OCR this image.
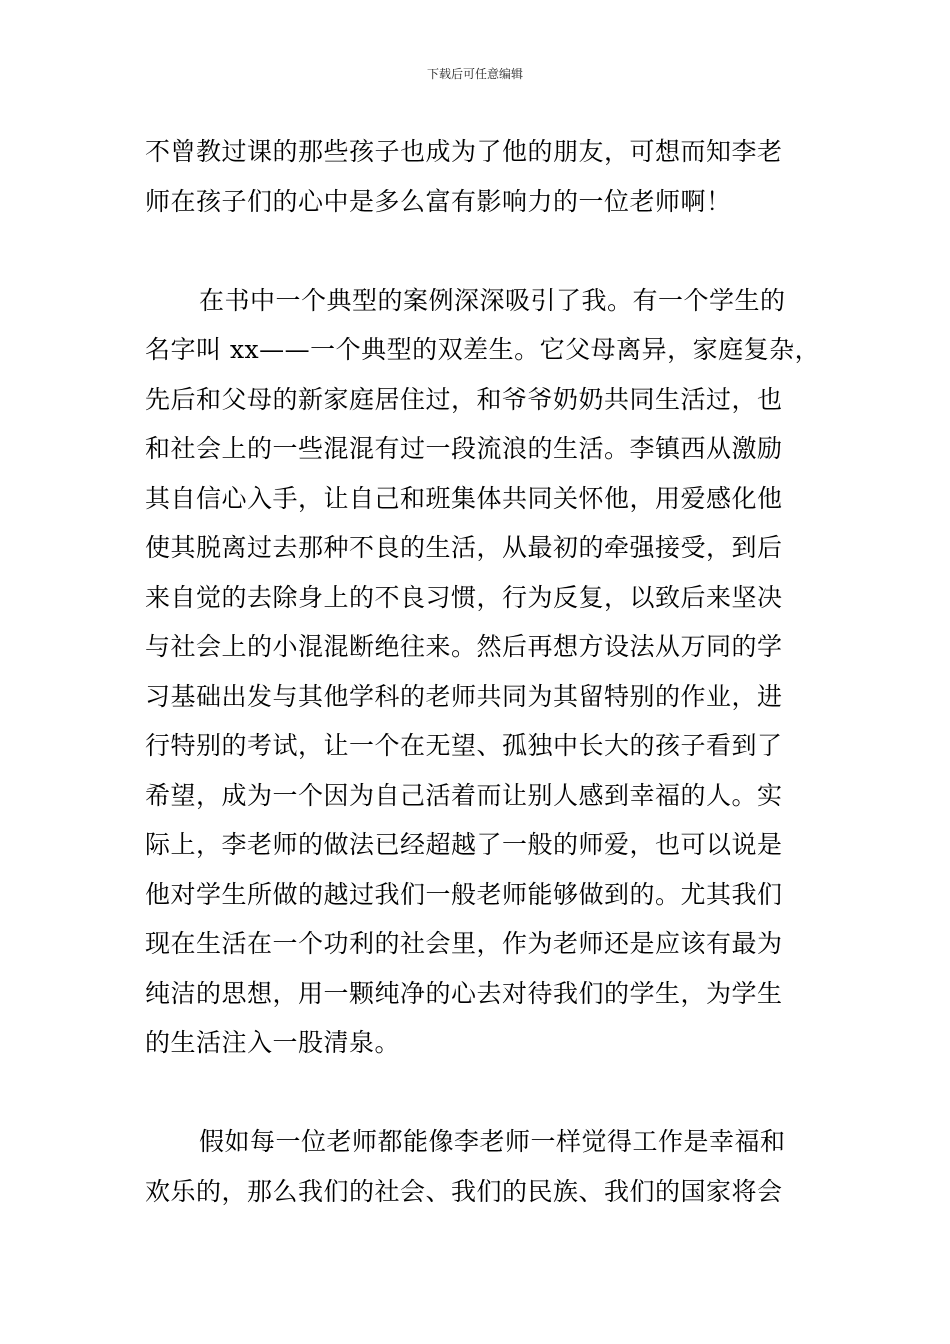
下载后可任意编辑
不曾教过课的那些孩子也成为了他的朋友，可想而知李老
师在孩子们的心中是多么富有影响力的一位老师啊！
在书中一个典型的案例深深吸引了我。有一个学生的
名字叫 xx——一个典型的双差生。它父母离异，家庭复杂，
先后和父母的新家庭居住过，和爷爷奶奶共同生活过，也
和社会上的一些混混有过一段流浪的生活。李镇西从激励
其自信心入手，让自己和班集体共同关怀他，用爱感化他
使其脱离过去那种不良的生活，从最初的牵强接受，到后
来自觉的去除身上的不良习惯，行为反复，以致后来坚决
与社会上的小混混断绝往来。然后再想方设法从万同的学
习基础出发与其他学科的老师共同为其留特别的作业，进
行特别的考试，让一个在无望、孤独中长大的孩子看到了
希望，成为一个因为自己活着而让别人感到幸福的人。实
际上，李老师的做法已经超越了一般的师爱，也可以说是
他对学生所做的越过我们一般老师能够做到的。尤其我们
现在生活在一个功利的社会里，作为老师还是应该有最为
纯洁的思想，用一颗纯净的心去对待我们的学生，为学生
的生活注入一股清泉。
假如每一位老师都能像李老师一样觉得工作是幸福和
欢乐的，那么我们的社会、我们的民族、我们的国家将会
